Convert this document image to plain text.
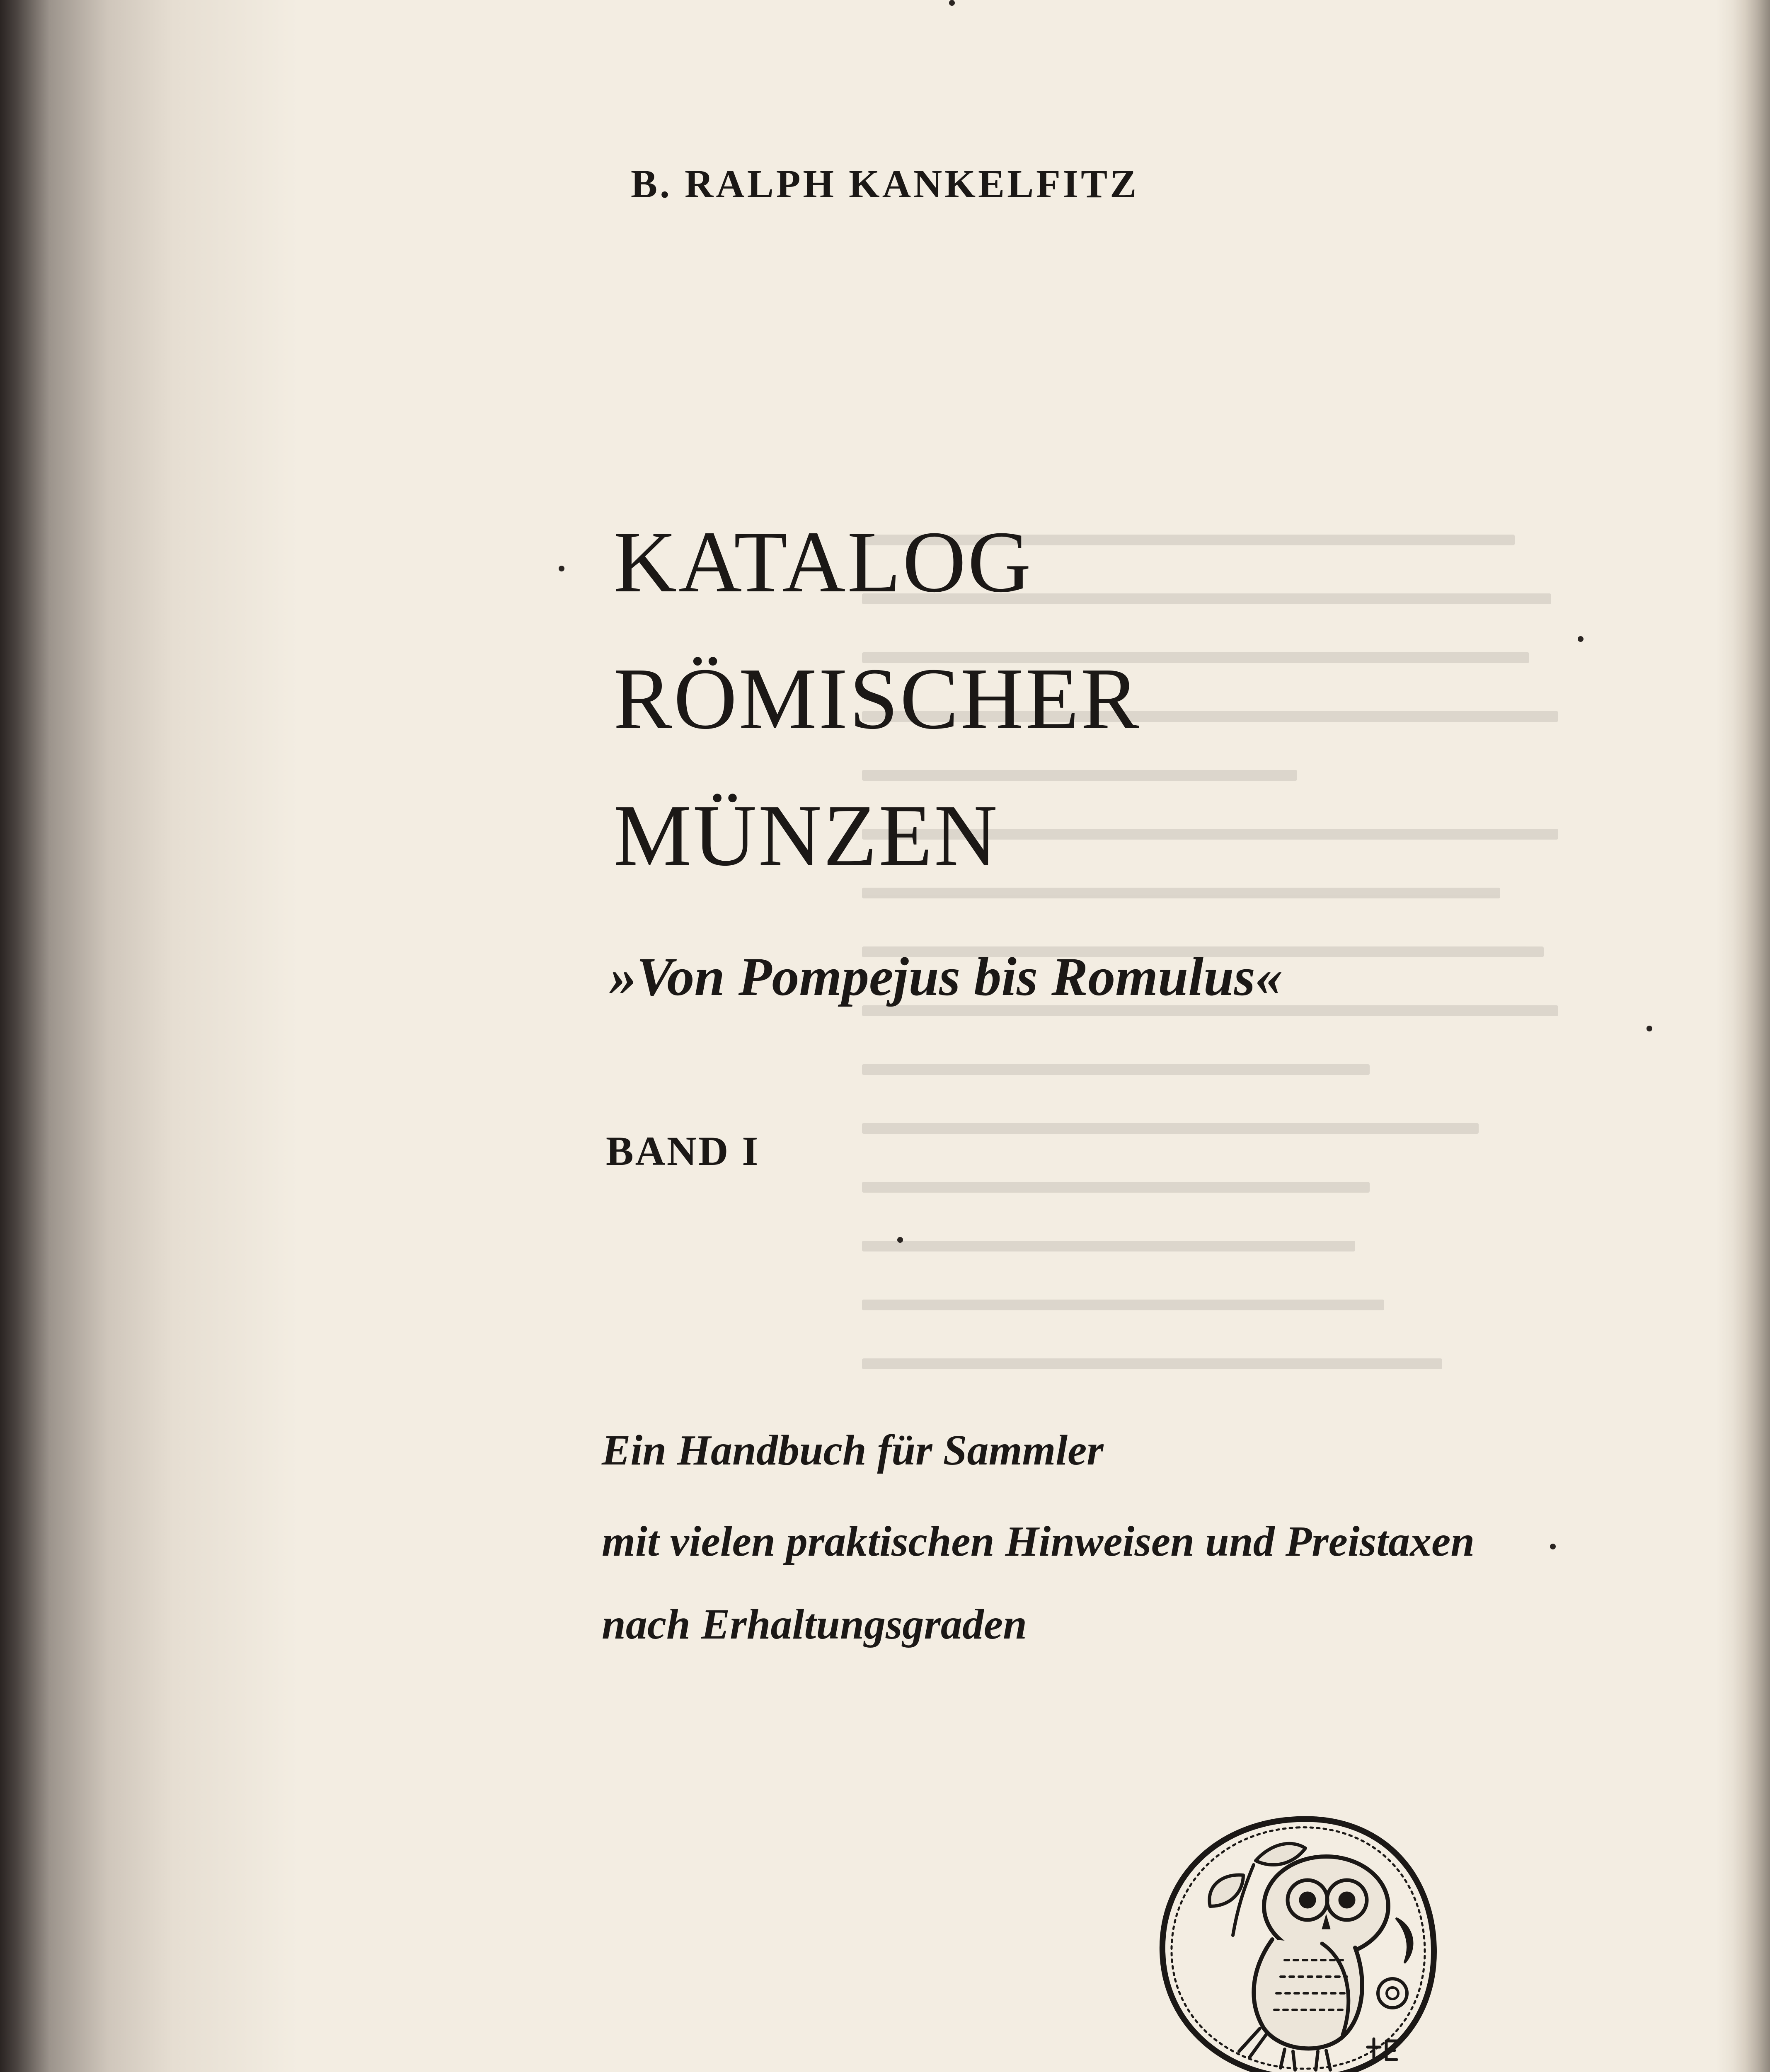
B. RALPH KANKELFITZ
KATALOG
RÖMISCHER
MÜNZEN
»Von Pompejus bis Romulus«
BAND I
Ein Handbuch für Sammler
mit vielen praktischen Hinweisen und Preistaxen
nach Erhaltungsgraden
